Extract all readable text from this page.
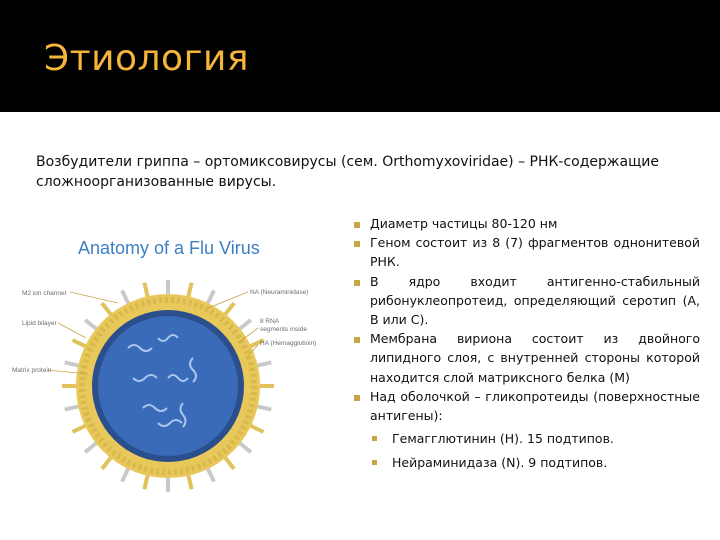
Этиология
Возбудители гриппа – ортомиксовирусы (сем. Orthomyxoviridae) – РНК-содержащие сложноорганизованные вирусы.
Anatomy of a Flu Virus
M2 ion channel
Lipid bilayer
Matrix protein
NA (Neuraminidase)
8 RNA
segments inside
HA (Hemagglutinin)
Диаметр частицы 80-120 нм
Геном состоит из 8 (7) фрагментов однонитевой РНК.
В ядро входит антигенно-стабильный рибонуклеопротеид, определяющий серотип (А, В или С).
Мембрана вириона состоит из двойного липидного слоя, с внутренней стороны которой находится слой матриксного белка (М)
Над оболочкой – гликопротеиды (поверхностные антигены):
Гемагглютинин (Н). 15 подтипов.
Нейраминидаза (N). 9 подтипов.
